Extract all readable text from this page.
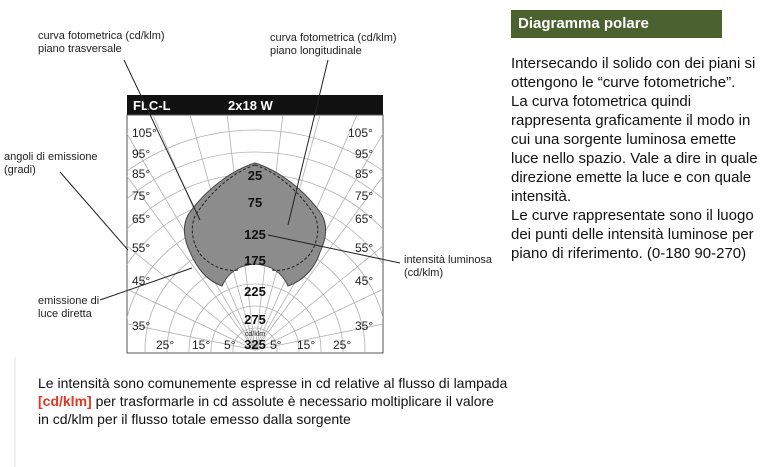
curva fotometrica (cd/klm)
piano trasversale
curva fotometrica (cd/klm)
piano longitudinale
angoli di emissione
(gradi)
intensità luminosa
(cd/klm)
emissione di
luce diretta
FLC-L	2x18 W
105°
95°
85°
75°
65°
55°
45°
35°
105°
95°
85°
75°
65°
55°
45°
35°
25° 15° 5°	5° 15° 25°
25
75
125
175
225
275
325
cd/klm
Diagramma polare

Intersecando il solido con dei piani si ottengono le “curve fotometriche”.

La curva fotometrica quindi rappresenta graficamente il modo in cui una sorgente luminosa emette luce nello spazio. Vale a dire in quale direzione emette la luce e con quale intensità.

Le curve rappresentate sono il luogo dei punti delle intensità luminose per piano di riferimento. (0-180 90-270)

Le intensità sono comunemente espresse in cd relative al flusso di lampada [cd/klm] per trasformarle in cd assolute è necessario moltiplicare il valore in cd/klm per il flusso totale emesso dalla sorgente
